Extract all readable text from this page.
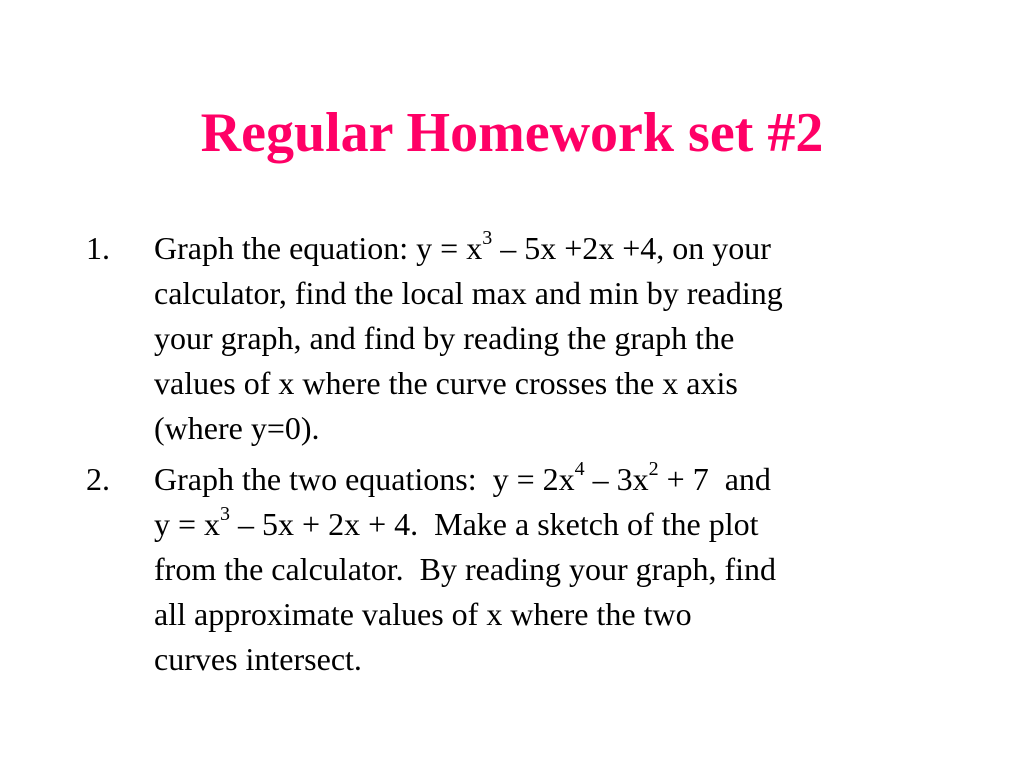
Regular Homework set #2
1. Graph the equation: $y = x^3 - 5x +2x +4$, on your
calculator, find the local max and min by reading
your graph, and find by reading the graph the
values of x where the curve crosses the x axis
(where y=0).
2. Graph the two equations:  $y = 2x^4 - 3x^2 + 7$  and
$y = x^3 - 5x + 2x + 4$.  Make a sketch of the plot
from the calculator.  By reading your graph, find
all approximate values of x where the two
curves intersect.
